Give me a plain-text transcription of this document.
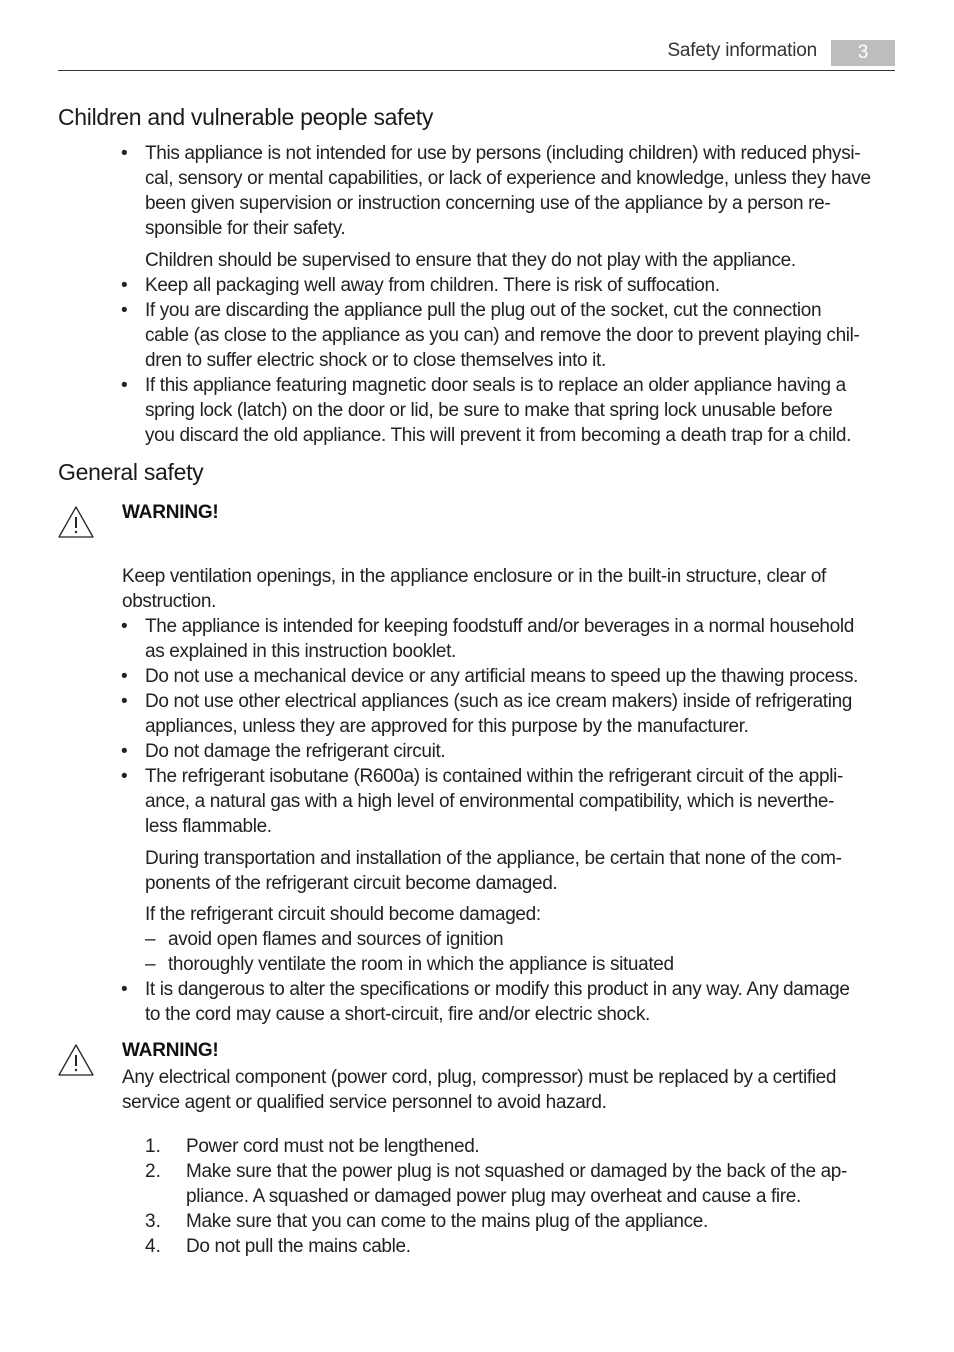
Safety information	3
Children and vulnerable people safety
• This appliance is not intended for use by persons (including children) with reduced physi-
cal, sensory or mental capabilities, or lack of experience and knowledge, unless they have
been given supervision or instruction concerning use of the appliance by a person re-
sponsible for their safety.
Children should be supervised to ensure that they do not play with the appliance.
• Keep all packaging well away from children. There is risk of suffocation.
• If you are discarding the appliance pull the plug out of the socket, cut the connection
cable (as close to the appliance as you can) and remove the door to prevent playing chil-
dren to suffer electric shock or to close themselves into it.
• If this appliance featuring magnetic door seals is to replace an older appliance having a
spring lock (latch) on the door or lid, be sure to make that spring lock unusable before
you discard the old appliance. This will prevent it from becoming a death trap for a child.
General safety
WARNING!
Keep ventilation openings, in the appliance enclosure or in the built-in structure, clear of
obstruction.
• The appliance is intended for keeping foodstuff and/or beverages in a normal household
as explained in this instruction booklet.
• Do not use a mechanical device or any artificial means to speed up the thawing process.
• Do not use other electrical appliances (such as ice cream makers) inside of refrigerating
appliances, unless they are approved for this purpose by the manufacturer.
• Do not damage the refrigerant circuit.
• The refrigerant isobutane (R600a) is contained within the refrigerant circuit of the appli-
ance, a natural gas with a high level of environmental compatibility, which is neverthe-
less flammable.
During transportation and installation of the appliance, be certain that none of the com-
ponents of the refrigerant circuit become damaged.
If the refrigerant circuit should become damaged:
– avoid open flames and sources of ignition
– thoroughly ventilate the room in which the appliance is situated
• It is dangerous to alter the specifications or modify this product in any way. Any damage
to the cord may cause a short-circuit, fire and/or electric shock.
WARNING!
Any electrical component (power cord, plug, compressor) must be replaced by a certified
service agent or qualified service personnel to avoid hazard.
1. Power cord must not be lengthened.
2. Make sure that the power plug is not squashed or damaged by the back of the ap-
pliance. A squashed or damaged power plug may overheat and cause a fire.
3. Make sure that you can come to the mains plug of the appliance.
4. Do not pull the mains cable.
